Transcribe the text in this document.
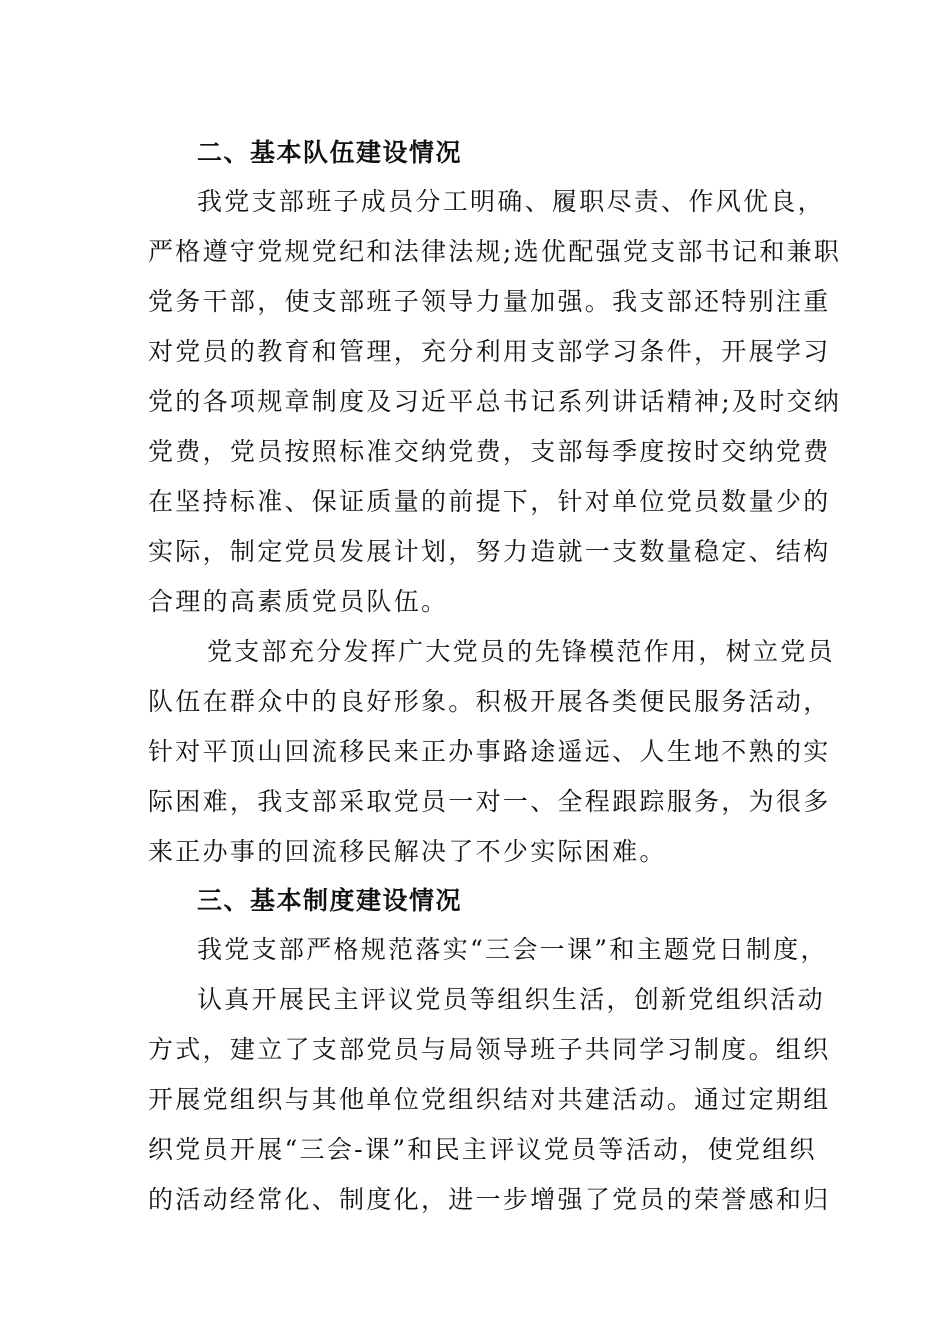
二、基本队伍建设情况
我党支部班子成员分工明确、履职尽责、作风优良，
严格遵守党规党纪和法律法规;选优配强党支部书记和兼职
党务干部，使支部班子领导力量加强。我支部还特别注重
对党员的教育和管理，充分利用支部学习条件，开展学习
党的各项规章制度及习近平总书记系列讲话精神;及时交纳
党费，党员按照标准交纳党费，支部每季度按时交纳党费
在坚持标准、保证质量的前提下，针对单位党员数量少的
实际，制定党员发展计划，努力造就一支数量稳定、结构
合理的高素质党员队伍。
党支部充分发挥广大党员的先锋模范作用，树立党员
队伍在群众中的良好形象。积极开展各类便民服务活动，
针对平顶山回流移民来正办事路途遥远、人生地不熟的实
际困难，我支部采取党员一对一、全程跟踪服务，为很多
来正办事的回流移民解决了不少实际困难。
三、基本制度建设情况
我党支部严格规范落实“三会一课”和主题党日制度，
认真开展民主评议党员等组织生活，创新党组织活动
方式，建立了支部党员与局领导班子共同学习制度。组织
开展党组织与其他单位党组织结对共建活动。通过定期组
织党员开展“三会-课”和民主评议党员等活动，使党组织
的活动经常化、制度化，进一步增强了党员的荣誉感和归
